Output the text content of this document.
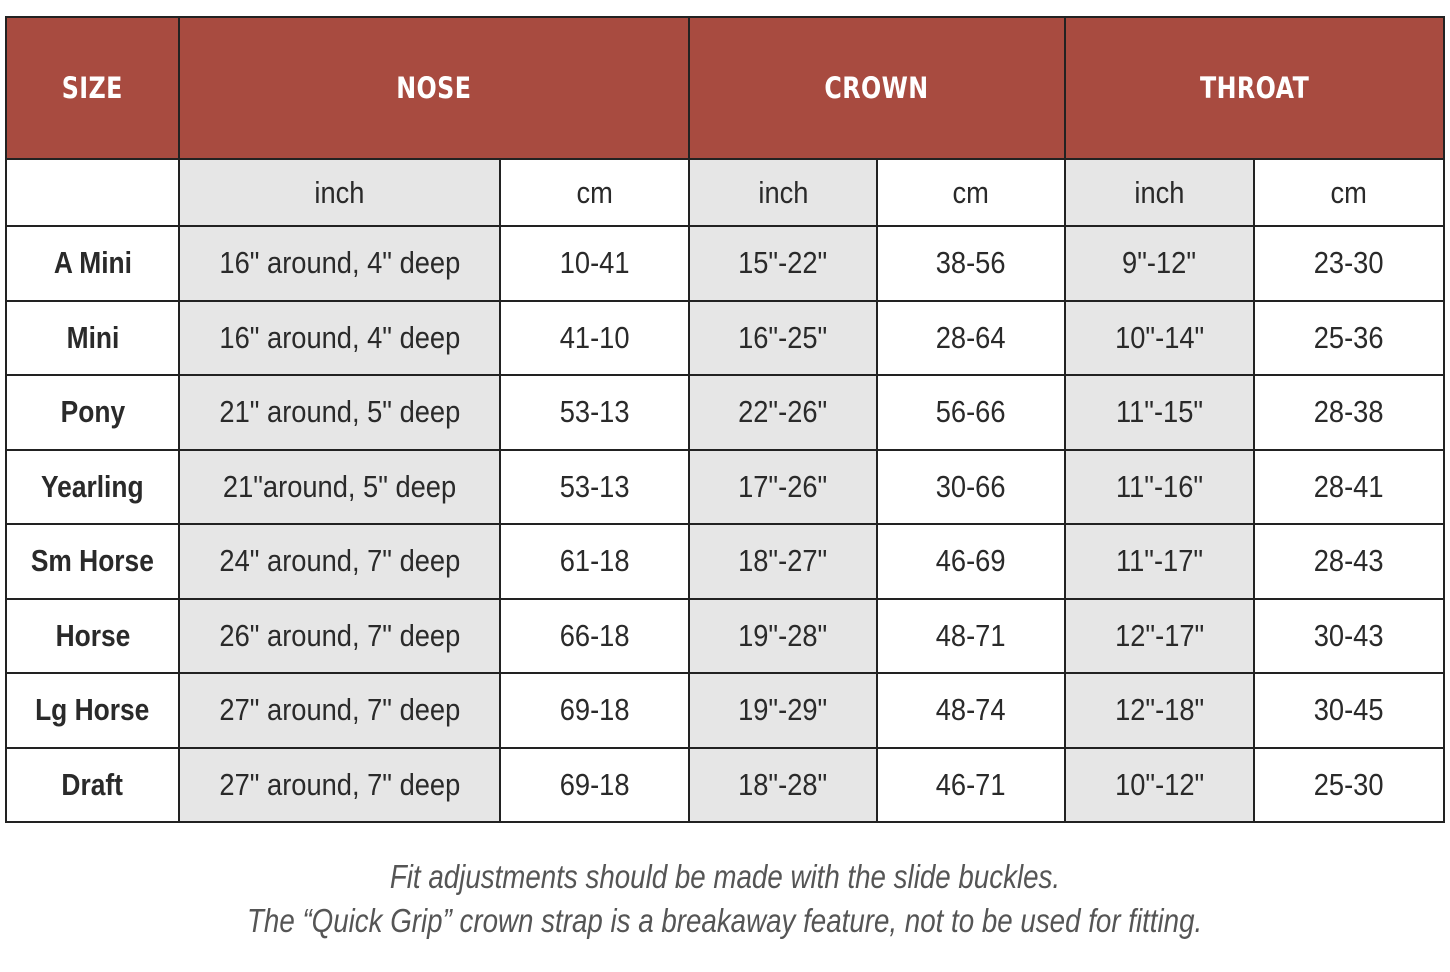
SIZE	NOSE		CROWN		THROAT	
	inch	cm	inch	cm	inch	cm
A Mini	16" around, 4" deep	10-41	15"-22"	38-56	9"-12"	23-30
Mini	16" around, 4" deep	41-10	16"-25"	28-64	10"-14"	25-36
Pony	21" around, 5" deep	53-13	22"-26"	56-66	11"-15"	28-38
Yearling	21"around, 5" deep	53-13	17"-26"	30-66	11"-16"	28-41
Sm Horse	24" around, 7" deep	61-18	18"-27"	46-69	11"-17"	28-43
Horse	26" around, 7" deep	66-18	19"-28"	48-71	12"-17"	30-43
Lg Horse	27" around, 7" deep	69-18	19"-29"	48-74	12"-18"	30-45
Draft	27" around, 7" deep	69-18	18"-28"	46-71	10"-12"	25-30
Fit adjustments should be made with the slide buckles.
The “Quick Grip” crown strap is a breakaway feature, not to be used for fitting.
